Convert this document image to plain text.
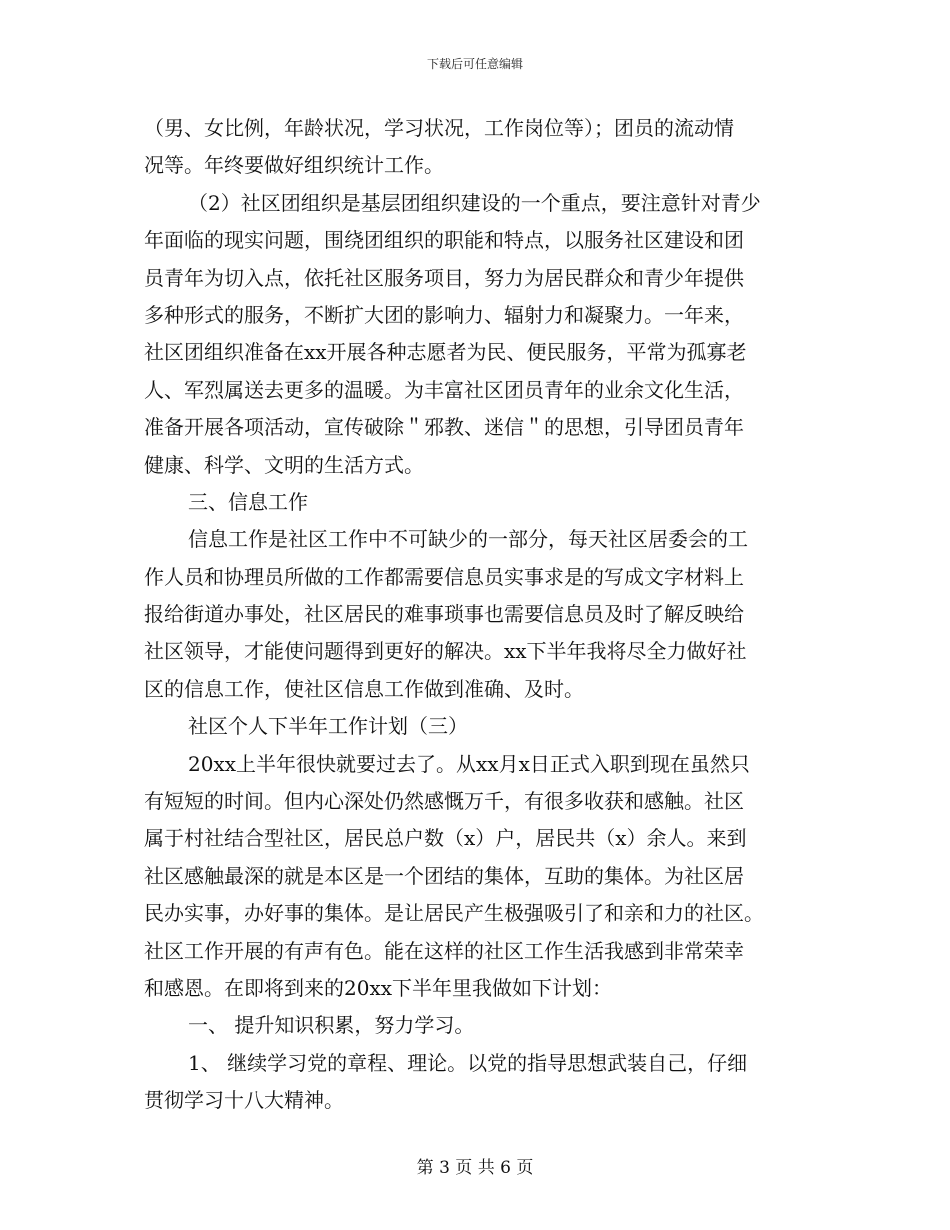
下载后可任意编辑
（男、女比例，年龄状况，学习状况，工作岗位等）；团员的流动情
况等。年终要做好组织统计工作。
（2）社区团组织是基层团组织建设的一个重点，要注意针对青少
年面临的现实问题，围绕团组织的职能和特点，以服务社区建设和团
员青年为切入点，依托社区服务项目，努力为居民群众和青少年提供
多种形式的服务，不断扩大团的影响力、辐射力和凝聚力。一年来，
社区团组织准备在xx开展各种志愿者为民、便民服务，平常为孤寡老
人、军烈属送去更多的温暖。为丰富社区团员青年的业余文化生活，
准备开展各项活动，宣传破除＂邪教、迷信＂的思想，引导团员青年
健康、科学、文明的生活方式。
三、信息工作
信息工作是社区工作中不可缺少的一部分，每天社区居委会的工
作人员和协理员所做的工作都需要信息员实事求是的写成文字材料上
报给街道办事处，社区居民的难事琐事也需要信息员及时了解反映给
社区领导，才能使问题得到更好的解决。xx下半年我将尽全力做好社
区的信息工作，使社区信息工作做到准确、及时。
社区个人下半年工作计划（三）
20xx上半年很快就要过去了。从xx月x日正式入职到现在虽然只
有短短的时间。但内心深处仍然感慨万千，有很多收获和感触。社区
属于村社结合型社区，居民总户数（x）户，居民共（x）余人。来到
社区感触最深的就是本区是一个团结的集体，互助的集体。为社区居
民办实事，办好事的集体。是让居民产生极强吸引了和亲和力的社区。
社区工作开展的有声有色。能在这样的社区工作生活我感到非常荣幸
和感恩。在即将到来的20xx下半年里我做如下计划：
一、 提升知识积累，努力学习。
1、 继续学习党的章程、理论。以党的指导思想武装自己，仔细
贯彻学习十八大精神。
第 3 页 共 6 页
